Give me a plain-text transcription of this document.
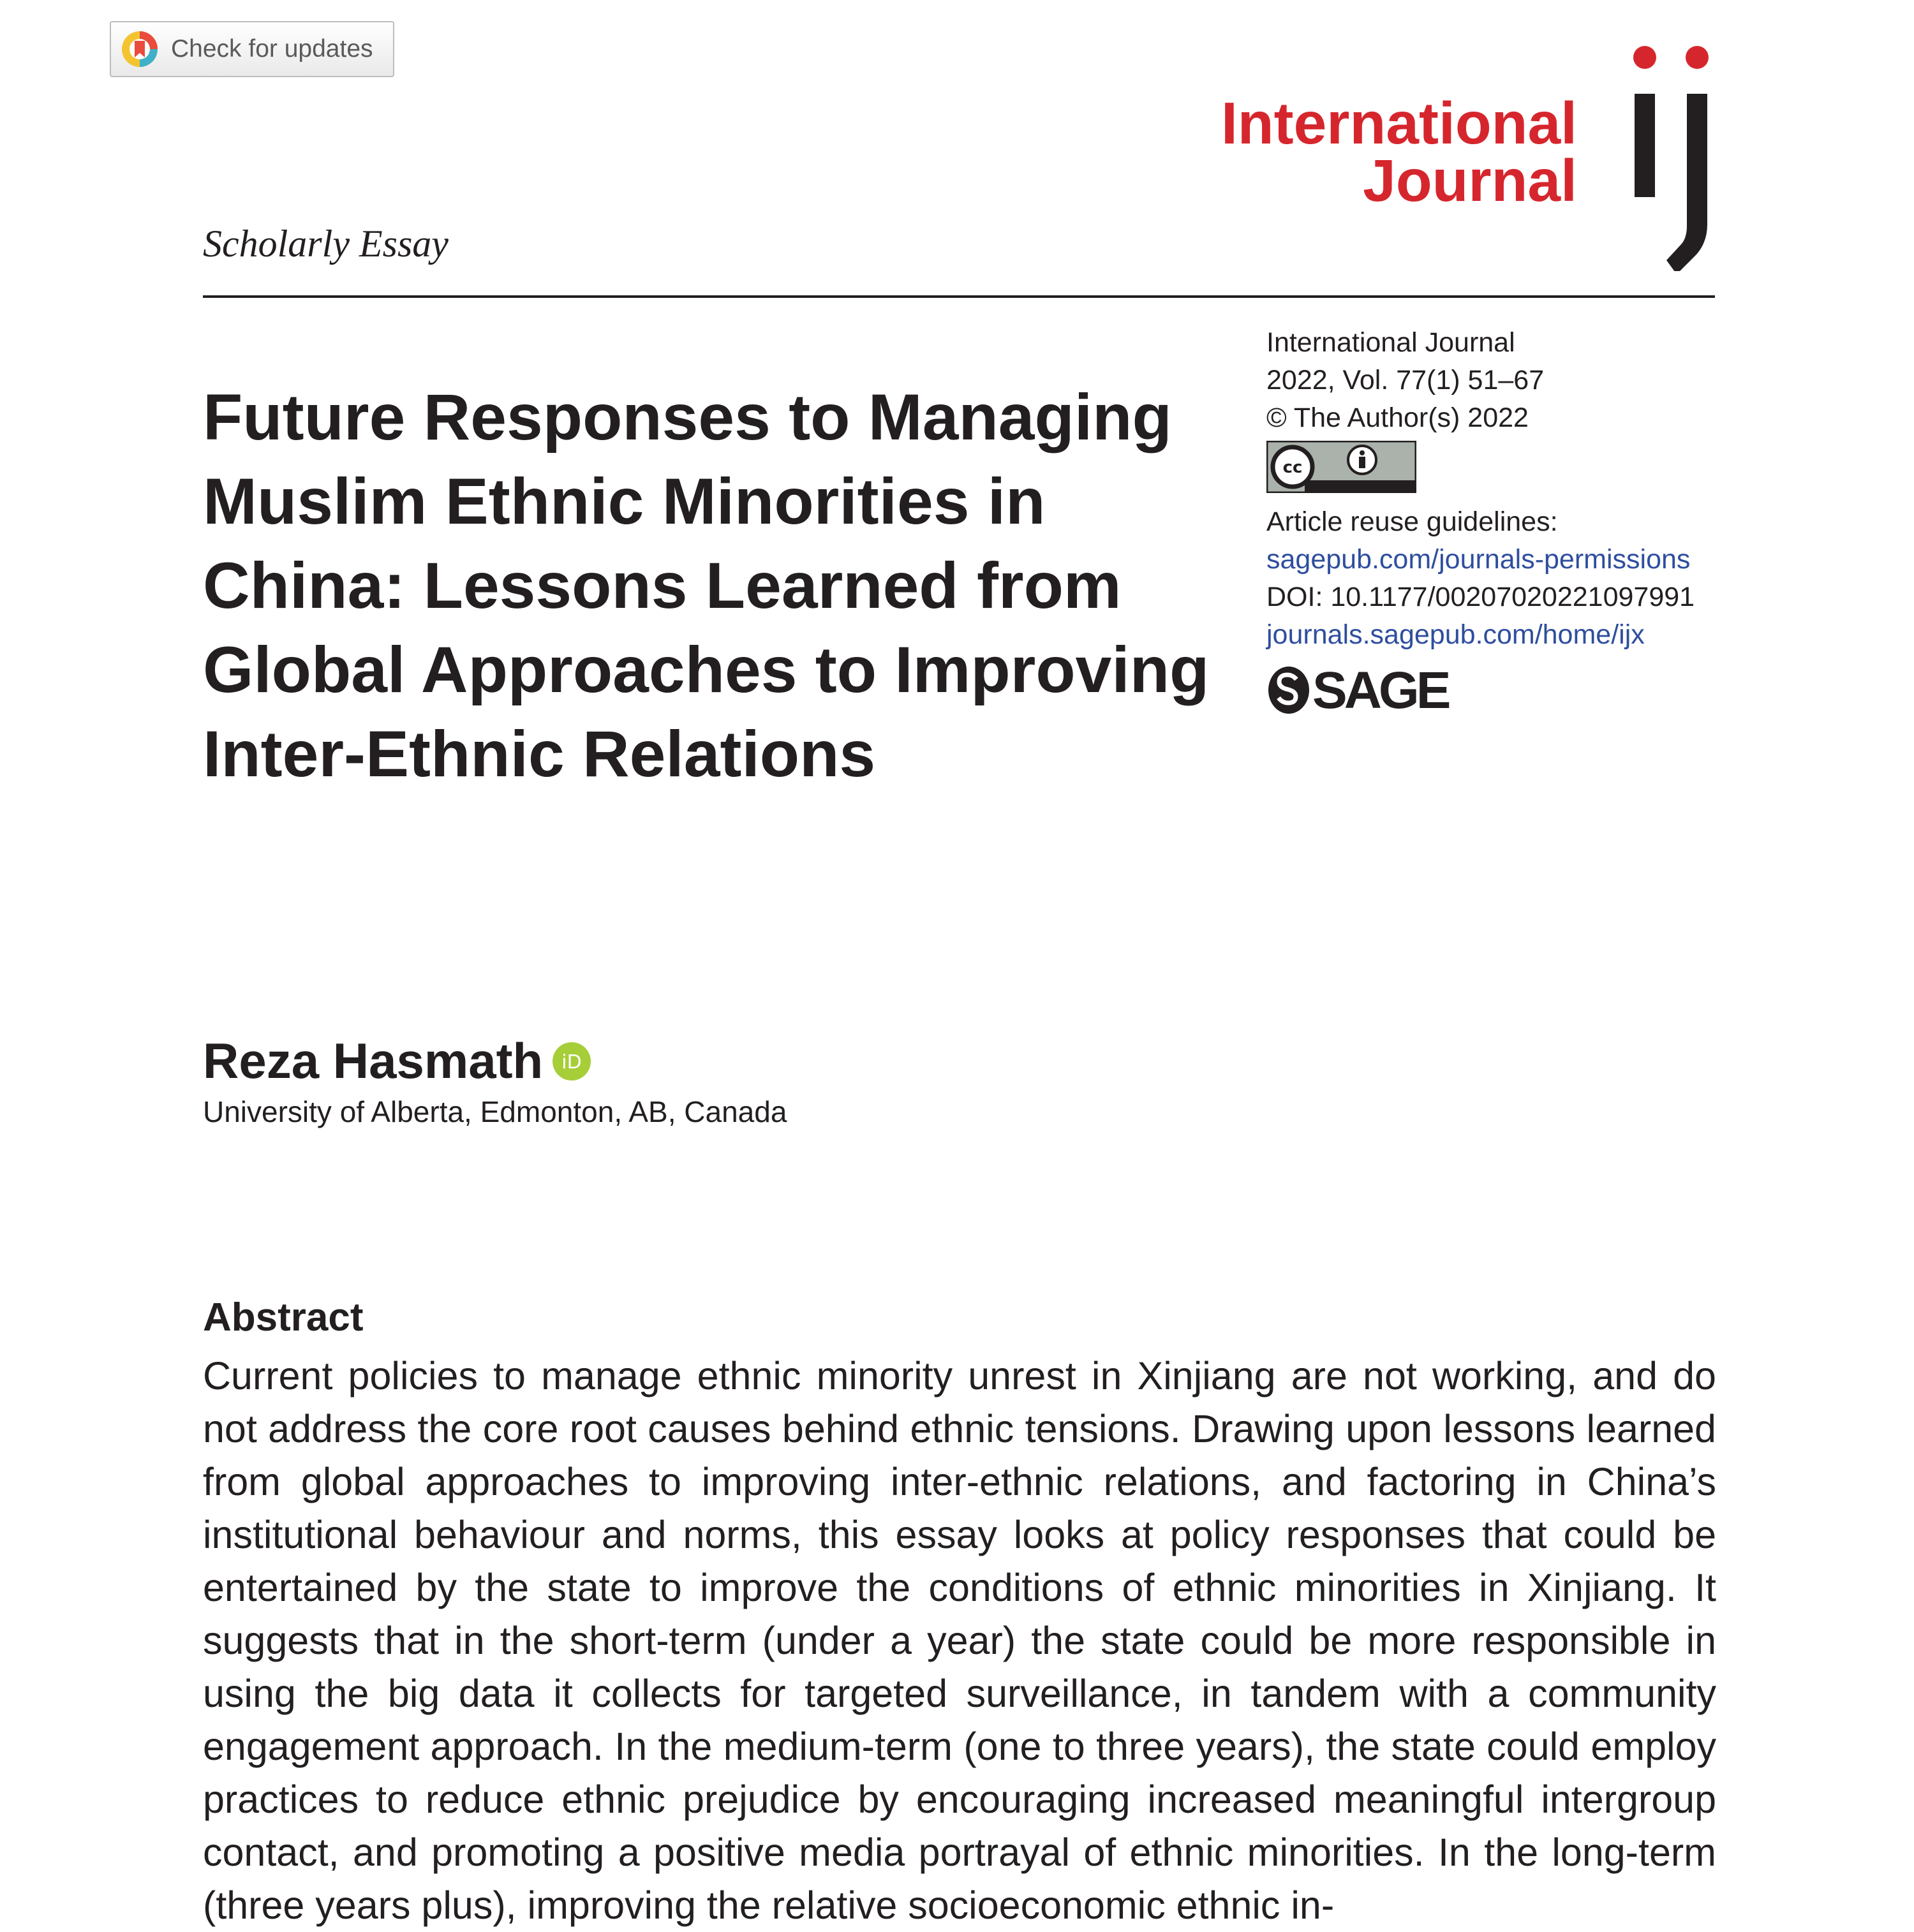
Check for updates
International
Journal
Scholarly Essay
Future Responses to Managing Muslim Ethnic Minorities in China: Lessons Learned from Global Approaches to Improving Inter-Ethnic Relations
International Journal
2022, Vol. 77(1) 51–67
© The Author(s) 2022
cc
Article reuse guidelines:
sagepub.com/journals-permissions
DOI: 10.1177/00207020221097991
journals.sagepub.com/home/ijx
SAGE
Reza Hasmath iD
University of Alberta, Edmonton, AB, Canada
Abstract

Current policies to manage ethnic minority unrest in Xinjiang are not working, and do not address the core root causes behind ethnic tensions. Drawing upon lessons learned from global approaches to improving inter-ethnic relations, and factoring in China’s institutional behaviour and norms, this essay looks at policy responses that could be entertained by the state to improve the conditions of ethnic minorities in Xinjiang. It suggests that in the short-term (under a year) the state could be more responsible in using the big data it collects for targeted surveillance, in tandem with a community engagement approach. In the medium-term (one to three years), the state could employ practices to reduce ethnic prejudice by encouraging increased meaningful intergroup contact, and promoting a positive media portrayal of ethnic minorities. In the long-term (three years plus), improving the relative socioeconomic ethnic in-
